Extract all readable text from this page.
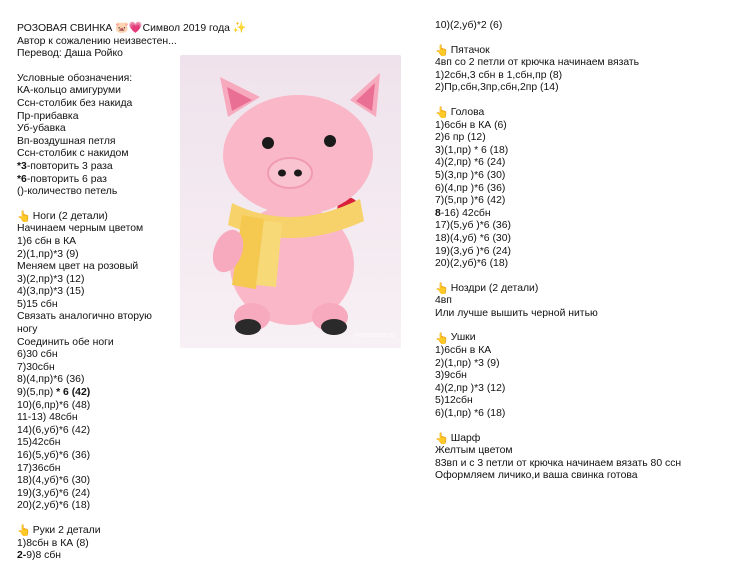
РОЗОВАЯ СВИНКА 🐷💗Символ 2019 года ✨
Автор к сожалению неизвестен...
Перевод: Даша Ройко
Условные обозначения:
КА-кольцо амигуруми
Ссн-столбик без накида
Пр-прибавка
Уб-убавка
Вп-воздушная петля
Ссн-столбик с накидом
*3-повторить 3 раза
*6-повторить 6 раз
()-количество петель
👆 Ноги (2 детали)
Начинаем черным цветом
1)6 сбн в КА
2)(1,пр)*3 (9)
Меняем цвет на розовый
3)(2,пр)*3 (12)
4)(3,пр)*3 (15)
5)15 сбн
Связать аналогично вторую
ногу
Соединить обе ноги
6)30 сбн
7)30сбн
8)(4,пр)*6 (36)
9)(5,пр) * 6 (42)
10)(6,пр)*6 (48)
11-13) 48сбн
14)(6,уб)*6 (42)
15)42сбн
16)(5,уб)*6 (36)
17)36сбн
18)(4,уб)*6 (30)
19)(3,уб)*6 (24)
20)(2,уб)*6 (18)
👆 Руки 2 детали
1)8сбн в КА (8)
2-9)8 сбн
livemaster.ru
10)(2,уб)*2 (6)
👆 Пятачок
4вп со 2 петли от крючка начинаем вязать
1)2сбн,3 сбн в 1,сбн,пр (8)
2)Пр,сбн,3пр,сбн,2пр (14)
👆 Голова
1)6сбн в КА (6)
2)6 пр (12)
3)(1,пр) * 6 (18)
4)(2,пр) *6 (24)
5)(3,пр )*6 (30)
6)(4,пр )*6 (36)
7)(5,пр )*6 (42)
8-16) 42сбн
17)(5,уб )*6 (36)
18)(4,уб) *6 (30)
19)(3,уб )*6 (24)
20)(2,уб)*6 (18)
👆 Ноздри (2 детали)
4вп
Или лучше вышить черной нитью
👆 Ушки
1)6сбн в КА
2)(1,пр) *3 (9)
3)9сбн
4)(2,пр )*3 (12)
5)12сбн
6)(1,пр) *6 (18)
👆 Шарф
Желтым цветом
83вп и с 3 петли от крючка начинаем вязать 80 ссн
Оформляем личико,и ваша свинка готова
